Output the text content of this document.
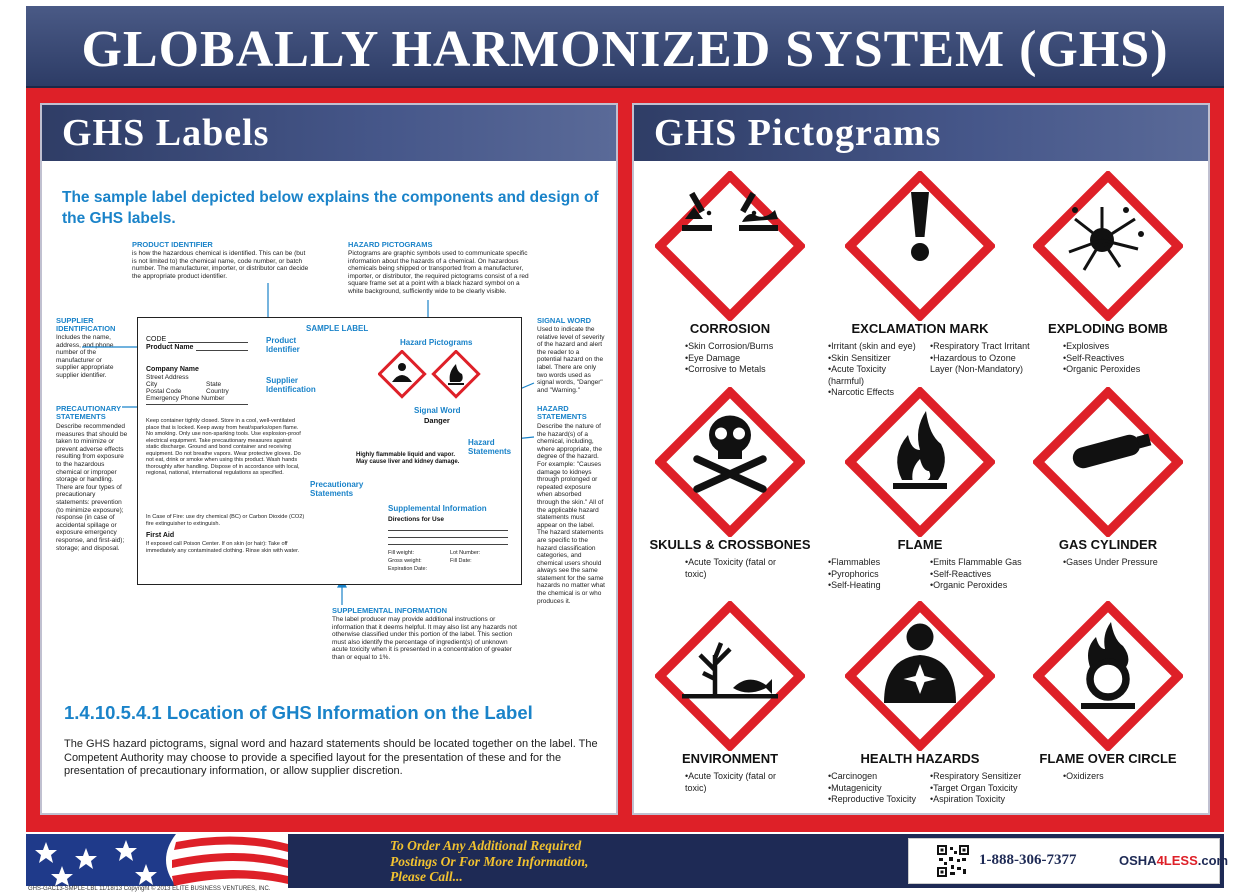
GLOBALLY HARMONIZED SYSTEM (GHS)
GHS Labels
The sample label depicted below explains the components and design of the GHS labels.
PRODUCT IDENTIFIER
is how the hazardous chemical is identified. This can be (but is not limited to) the chemical name, code number, or batch number. The manufacturer, importer, or distributor can decide the appropriate product identifier.
HAZARD PICTOGRAMS
Pictograms are graphic symbols used to communicate specific information about the hazards of a chemical. On hazardous chemicals being shipped or transported from a manufacturer, importer, or distributor, the required pictograms consist of a red square frame set at a point with a black hazard symbol on a white background, sufficiently wide to be clearly visible.
SUPPLIER IDENTIFICATION
Includes the name, address, and phone number of the manufacturer or supplier appropriate supplier identifier.
SIGNAL WORD
Used to indicate the relative level of severity of the hazard and alert the reader to a potential hazard on the label. There are only two words used as signal words, "Danger" and "Warning."
PRECAUTIONARY STATEMENTS
Describe recommended measures that should be taken to minimize or prevent adverse effects resulting from exposure to the hazardous chemical or improper storage or handling. There are four types of precautionary statements: prevention (to minimize exposure); response (in case of accidental spillage or exposure emergency response, and first-aid); storage; and disposal.
HAZARD STATEMENTS
Describe the nature of the hazard(s) of a chemical, including, where appropriate, the degree of the hazard. For example: "Causes damage to kidneys through prolonged or repeated exposure when absorbed through the skin." All of the applicable hazard statements must appear on the label. The hazard statements are specific to the hazard classification categories, and chemical users should always see the same statement for the same hazards no matter what the chemical is or who produces it.
SUPPLEMENTAL INFORMATION
The label producer may provide additional instructions or information that it deems helpful. It may also list any hazards not otherwise classified under this portion of the label. This section must also identify the percentage of ingredient(s) of unknown acute toxicity when it is presented in a concentration of greater than or equal to 1%.
SAMPLE LABEL
CODE
Product Name
Product Identifier
Company Name
Street Address
City	State
Postal Code	Country
Emergency Phone Number
Supplier Identification
Hazard Pictograms
Signal Word
Danger
Highly flammable liquid and vapor. May cause liver and kidney damage.
Hazard Statements
Keep container tightly closed. Store in a cool, well-ventilated place that is locked. Keep away from heat/sparks/open flame. No smoking. Only use non-sparking tools. Use explosion-proof electrical equipment. Take precautionary measures against static discharge. Ground and bond container and receiving equipment. Do not breathe vapors. Wear protective gloves. Do not eat, drink or smoke when using this product. Wash hands thoroughly after handling. Dispose of in accordance with local, regional, national, international regulations as specified.
In Case of Fire: use dry chemical (BC) or Carbon Dioxide (CO2) fire extinguisher to extinguish.
First Aid
If exposed call Poison Center. If on skin (or hair): Take off immediately any contaminated clothing. Rinse skin with water.
Precautionary Statements
Supplemental Information
Directions for Use
Fill weight:	Lot Number:
Gross weight:	Fill Date:
Expiration Date:
1.4.10.5.4.1 Location of GHS Information on the Label
The GHS hazard pictograms, signal word and hazard statements should be located together on the label. The Competent Authority may choose to provide a specified layout for the presentation of these and for the presentation of precautionary information, or allow supplier discretion.
GHS Pictograms
CORROSION
• Skin Corrosion/Burns
• Eye Damage
• Corrosive to Metals
EXCLAMATION MARK
• Irritant (skin and eye)
• Skin Sensitizer
• Acute Toxicity (harmful)
• Narcotic Effects
• Respiratory Tract Irritant
• Hazardous to Ozone Layer (Non-Mandatory)
EXPLODING BOMB
• Explosives
• Self-Reactives
• Organic Peroxides
SKULLS & CROSSBONES
• Acute Toxicity (fatal or toxic)
FLAME
• Flammables
• Pyrophorics
• Self-Heating
• Emits Flammable Gas
• Self-Reactives
• Organic Peroxides
GAS CYLINDER
• Gases Under Pressure
ENVIRONMENT
• Acute Toxicity (fatal or toxic)
HEALTH HAZARDS
• Carcinogen
• Mutagenicity
• Reproductive Toxicity
• Respiratory Sensitizer
• Target Organ Toxicity
• Aspiration Toxicity
FLAME OVER CIRCLE
• Oxidizers
To Order Any Additional Required Postings Or For More Information, Please Call...
1-888-306-7377	OSHA4LESS.com
GHS-GAC13-SMPLE-LBL 11/18/13 Copyright © 2013 ELITE BUSINESS VENTURES, INC.
